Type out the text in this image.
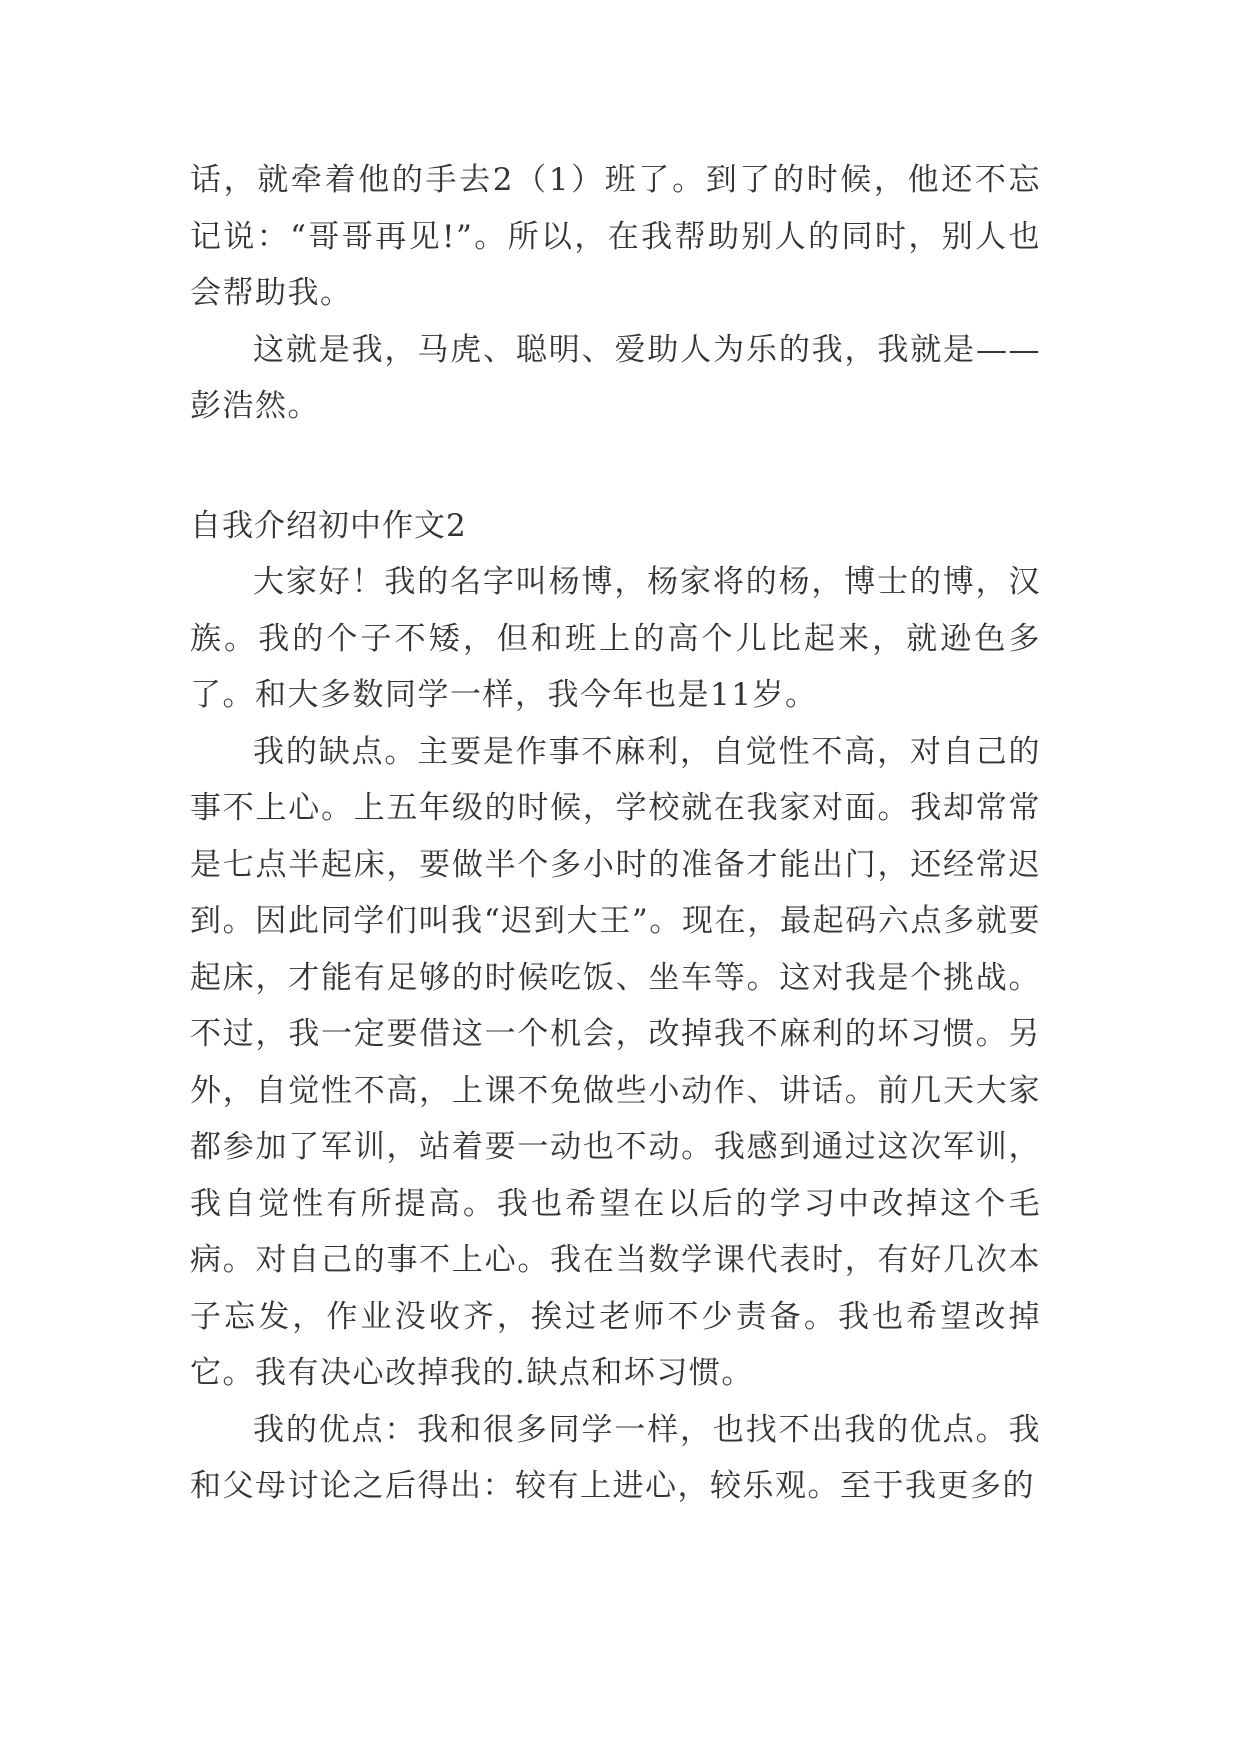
话，就牵着他的手去2（1）班了。到了的时候，他还不忘记说：“哥哥再见!”。所以，在我帮助别人的同时，别人也会帮助我。

这就是我，马虎、聪明、爱助人为乐的我，我就是——彭浩然。

自我介绍初中作文2

大家好！我的名字叫杨博，杨家将的杨，博士的博，汉族。我的个子不矮，但和班上的高个儿比起来，就逊色多了。和大多数同学一样，我今年也是11岁。

我的缺点。主要是作事不麻利，自觉性不高，对自己的事不上心。上五年级的时候，学校就在我家对面。我却常常是七点半起床，要做半个多小时的准备才能出门，还经常迟到。因此同学们叫我“迟到大王”。现在，最起码六点多就要起床，才能有足够的时候吃饭、坐车等。这对我是个挑战。不过，我一定要借这一个机会，改掉我不麻利的坏习惯。另外，自觉性不高，上课不免做些小动作、讲话。前几天大家都参加了军训，站着要一动也不动。我感到通过这次军训，我自觉性有所提高。我也希望在以后的学习中改掉这个毛病。对自己的事不上心。我在当数学课代表时，有好几次本子忘发，作业没收齐，挨过老师不少责备。我也希望改掉它。我有决心改掉我的.缺点和坏习惯。

我的优点：我和很多同学一样，也找不出我的优点。我和父母讨论之后得出：较有上进心，较乐观。至于我更多的
